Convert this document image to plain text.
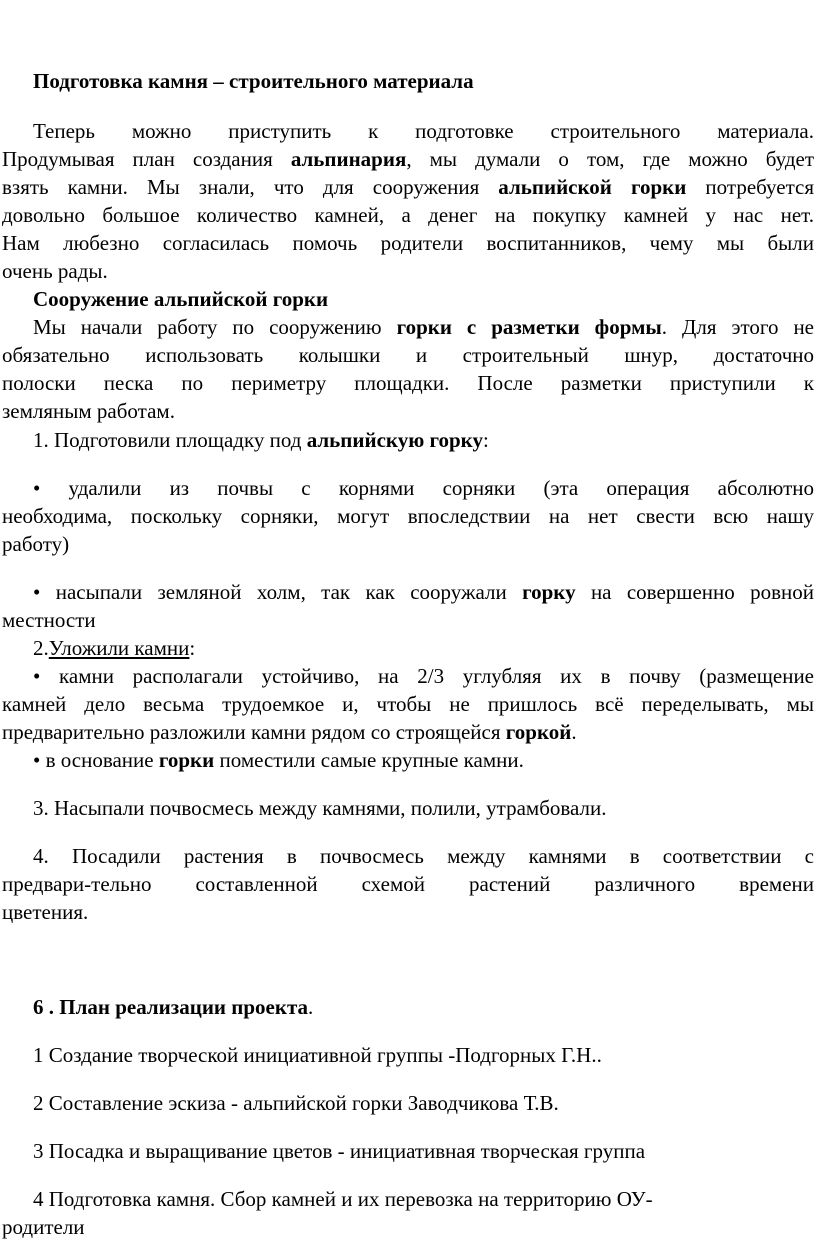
Подготовка камня – строительного материала
Теперь можно приступить к подготовке строительного материала.
Продумывая план создания альпинария, мы думали о том, где можно будет
взять камни. Мы знали, что для сооружения альпийской горки потребуется
довольно большое количество камней, а денег на покупку камней у нас нет.
Нам любезно согласилась помочь родители воспитанников, чему мы были
очень рады.
Сооружение альпийской горки
Мы начали работу по сооружению горки с разметки формы. Для этого не
обязательно использовать колышки и строительный шнур, достаточно
полоски песка по периметру площадки. После разметки приступили к
земляным работам.
1. Подготовили площадку под альпийскую горку:
• удалили из почвы с корнями сорняки (эта операция абсолютно
необходима, поскольку сорняки, могут впоследствии на нет свести всю нашу
работу)
• насыпали земляной холм, так как сооружали горку на совершенно ровной
местности
2.Уложили камни:
• камни располагали устойчиво, на 2/3 углубляя их в почву (размещение
камней дело весьма трудоемкое и, чтобы не пришлось всё переделывать, мы
предварительно разложили камни рядом со строящейся горкой.
• в основание горки поместили самые крупные камни.
3. Насыпали почвосмесь между камнями, полили, утрамбовали.
4. Посадили растения в почвосмесь между камнями в соответствии с
предвари-тельно составленной схемой растений различного времени
цветения.
6 . План реализации проекта.
1 Создание творческой инициативной группы -Подгорных Г.Н..
2 Составление эскиза - альпийской горки Заводчикова Т.В.
3 Посадка и выращивание цветов - инициативная творческая группа
4 Подготовка камня. Сбор камней и их перевозка на территорию ОУ-
родители
